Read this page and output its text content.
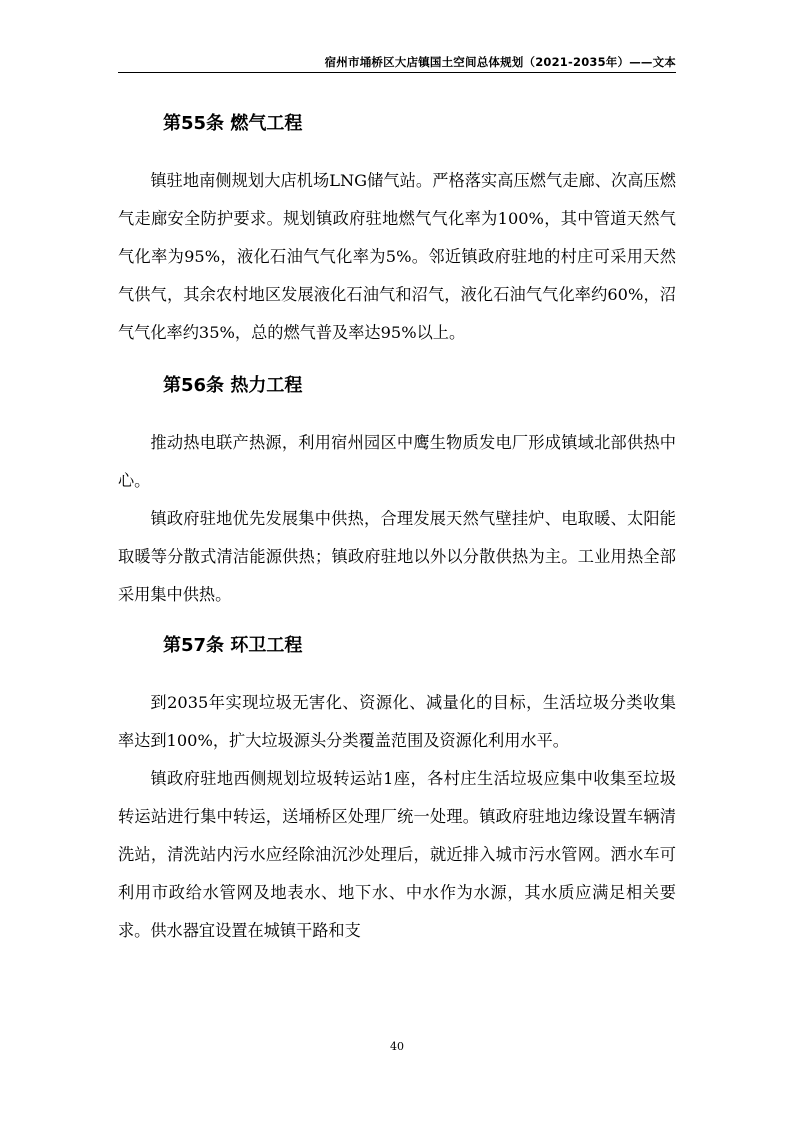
宿州市埇桥区大店镇国土空间总体规划（2021-2035年）——文本
第55条 燃气工程

镇驻地南侧规划大店机场LNG储气站。严格落实高压燃气走廊、次高压燃气走廊安全防护要求。规划镇政府驻地燃气气化率为100%，其中管道天然气气化率为95%，液化石油气气化率为5%。邻近镇政府驻地的村庄可采用天然气供气，其余农村地区发展液化石油气和沼气，液化石油气气化率约60%，沼气气化率约35%，总的燃气普及率达95%以上。

第56条 热力工程

推动热电联产热源，利用宿州园区中鹰生物质发电厂形成镇域北部供热中心。

镇政府驻地优先发展集中供热，合理发展天然气壁挂炉、电取暖、太阳能取暖等分散式清洁能源供热；镇政府驻地以外以分散供热为主。工业用热全部采用集中供热。

第57条 环卫工程

到2035年实现垃圾无害化、资源化、减量化的目标，生活垃圾分类收集率达到100%，扩大垃圾源头分类覆盖范围及资源化利用水平。

镇政府驻地西侧规划垃圾转运站1座，各村庄生活垃圾应集中收集至垃圾转运站进行集中转运，送埇桥区处理厂统一处理。镇政府驻地边缘设置车辆清洗站，清洗站内污水应经除油沉沙处理后，就近排入城市污水管网。洒水车可利用市政给水管网及地表水、地下水、中水作为水源，其水质应满足相关要求。供水器宜设置在城镇干路和支

40
